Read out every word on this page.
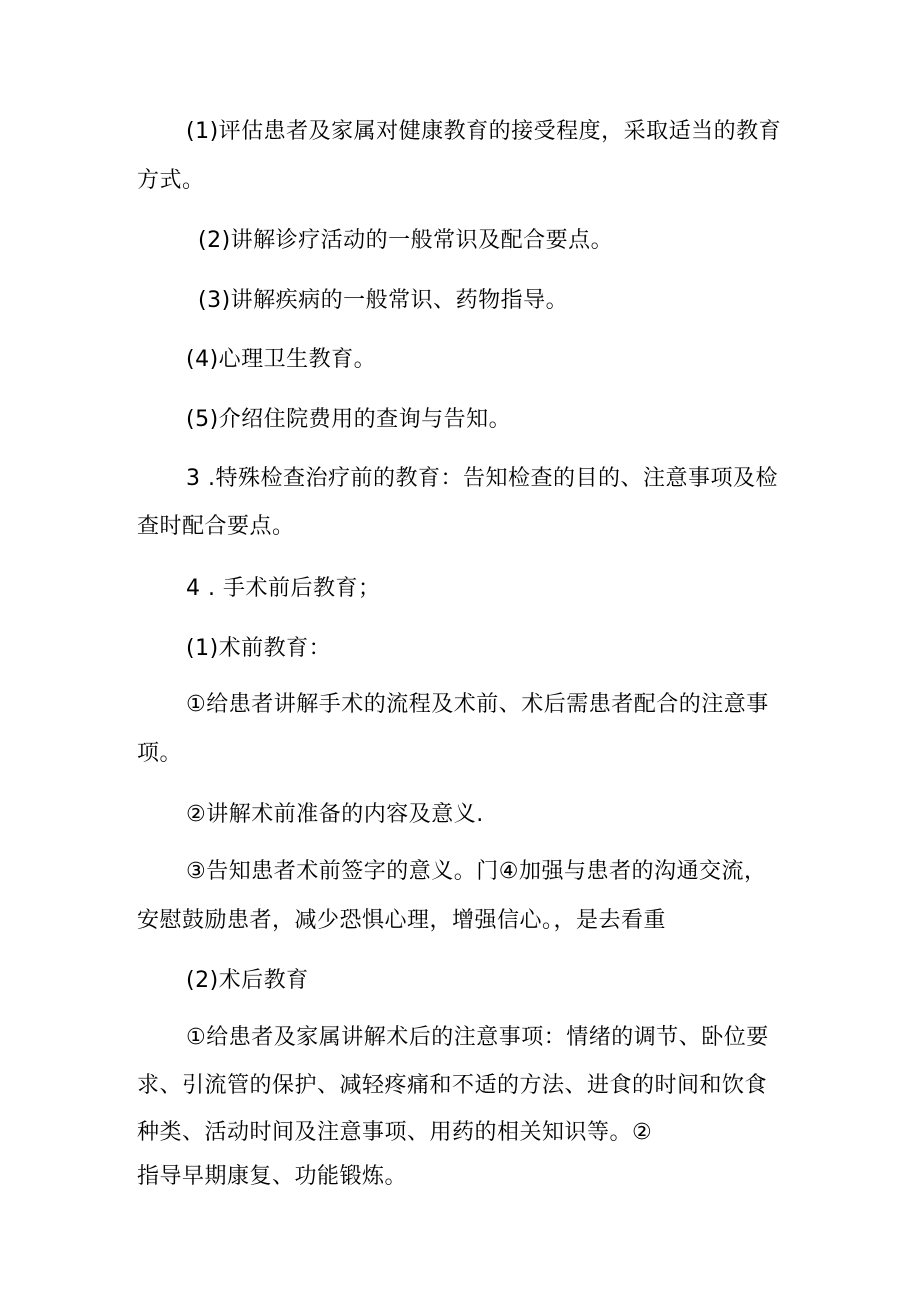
(1)评估患者及家属对健康教育的接受程度，采取适当的教育
方式。
(2)讲解诊疗活动的一般常识及配合要点。
(3)讲解疾病的一般常识、药物指导。
(4)心理卫生教育。
(5)介绍住院费用的查询与告知。
3 .特殊检查治疗前的教育：告知检查的目的、注意事项及检
查时配合要点。
4 . 手术前后教育；
(1)术前教育：
①给患者讲解手术的流程及术前、术后需患者配合的注意事
项。
②讲解术前准备的内容及意义.
③告知患者术前签字的意义。门④加强与患者的沟通交流，
安慰鼓励患者，减少恐惧心理，增强信心。，是去看重
(2)术后教育
①给患者及家属讲解术后的注意事项：情绪的调节、卧位要
求、引流管的保护、减轻疼痛和不适的方法、进食的时间和饮食
种类、活动时间及注意事项、用药的相关知识等。②
指导早期康复、功能锻炼。
